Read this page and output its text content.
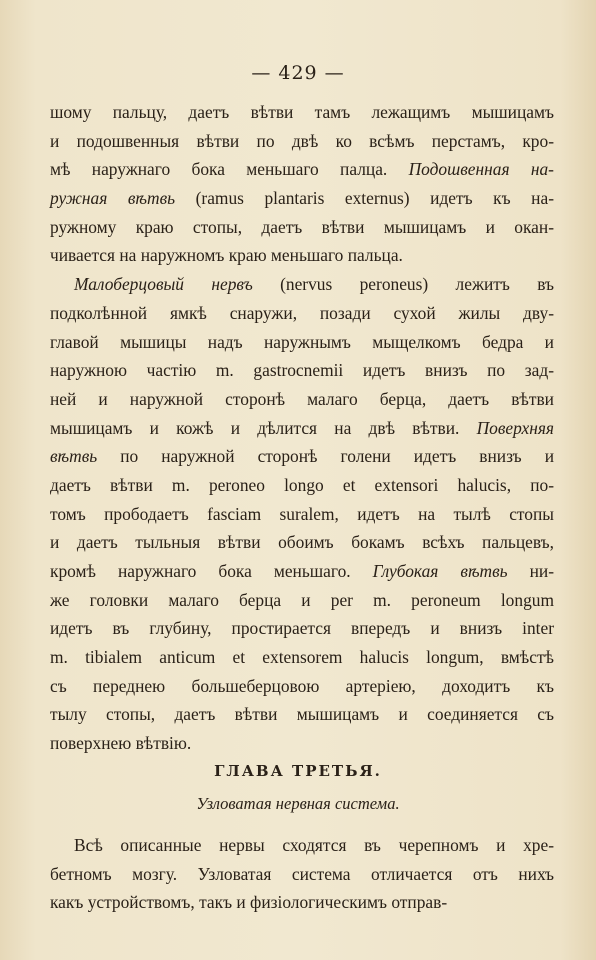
— 429 —
шому пальцу, даетъ вѣтви тамъ лежащимъ мышицамъ
и подошвенныя вѣтви по двѣ ко всѣмъ перстамъ, кро-
мѣ наружнаго бока меньшаго палца. Подошвенная на-
ружная вѣтвь (ramus plantaris externus) идетъ къ на-
ружному краю стопы, даетъ вѣтви мышицамъ и окан-
чивается на наружномъ краю меньшаго пальца.
Малоберцовый нервъ (nervus peroneus) лежитъ въ
подколѣнной ямкѣ снаружи, позади сухой жилы дву-
главой мышицы надъ наружнымъ мыщелкомъ бедра и
наружною частію m. gastrocnemii идетъ внизъ по зад-
ней и наружной сторонѣ малаго берца, даетъ вѣтви
мышицамъ и кожѣ и дѣлится на двѣ вѣтви. Поверхняя
вѣтвь по наружной сторонѣ голени идетъ внизъ и
даетъ вѣтви m. peroneo longo et extensori halucis, по-
томъ прободаетъ fasciam suralem, идетъ на тылѣ стопы
и даетъ тыльныя вѣтви обоимъ бокамъ всѣхъ пальцевъ,
кромѣ наружнаго бока меньшаго. Глубокая вѣтвь ни-
же головки малаго берца и per m. peroneum longum
идетъ въ глубину, простирается впередъ и внизъ inter
m. tibialem anticum et extensorem halucis longum, вмѣстѣ
съ переднею большеберцовою артеріею, доходитъ къ
тылу стопы, даетъ вѣтви мышицамъ и соединяется съ
поверхнею вѣтвію.
ГЛАВА ТРЕТЬЯ.
Узловатая нервная система.
Всѣ описанные нервы сходятся въ черепномъ и хре-
бетномъ мозгу. Узловатая система отличается отъ нихъ
какъ устройствомъ, такъ и физіологическимъ отправ-
